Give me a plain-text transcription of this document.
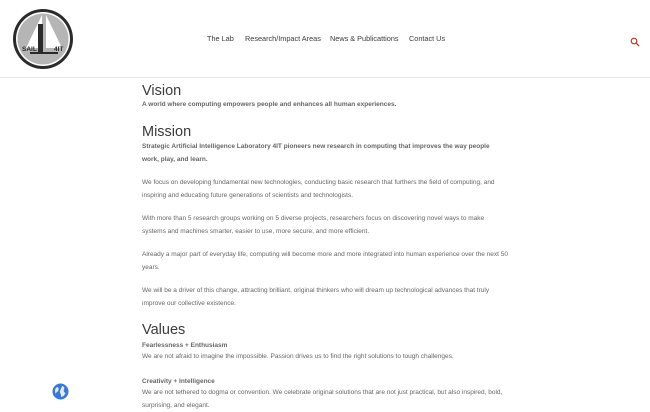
SAIL	4IT
The Lab Research/Impact Areas News & Publicattions Contact Us
Vision
A world where computing empowers people and enhances all human experiences.
Mission
Strategic Artificial Intelligence Laboratory 4IT pioneers new research in computing that improves the way people work, play, and learn.
We focus on developing fundamental new technologies, conducting basic research that furthers the field of computing, and inspiring and educating future generations of scientists and technologists.
With more than 5 research groups working on 5 diverse projects, researchers focus on discovering novel ways to make systems and machines smarter, easier to use, more secure, and more efficient.
Already a major part of everyday life, computing will become more and more integrated into human experience over the next 50 years.
We will be a driver of this change, attracting brilliant, original thinkers who will dream up technological advances that truly improve our collective existence.
Values
Fearlessness + Enthusiasm
We are not afraid to imagine the impossible. Passion drives us to find the right solutions to tough challenges.
Creativity + Intelligence
We are not tethered to dogma or convention. We celebrate original solutions that are not just practical, but also inspired, bold, surprising, and elegant.
